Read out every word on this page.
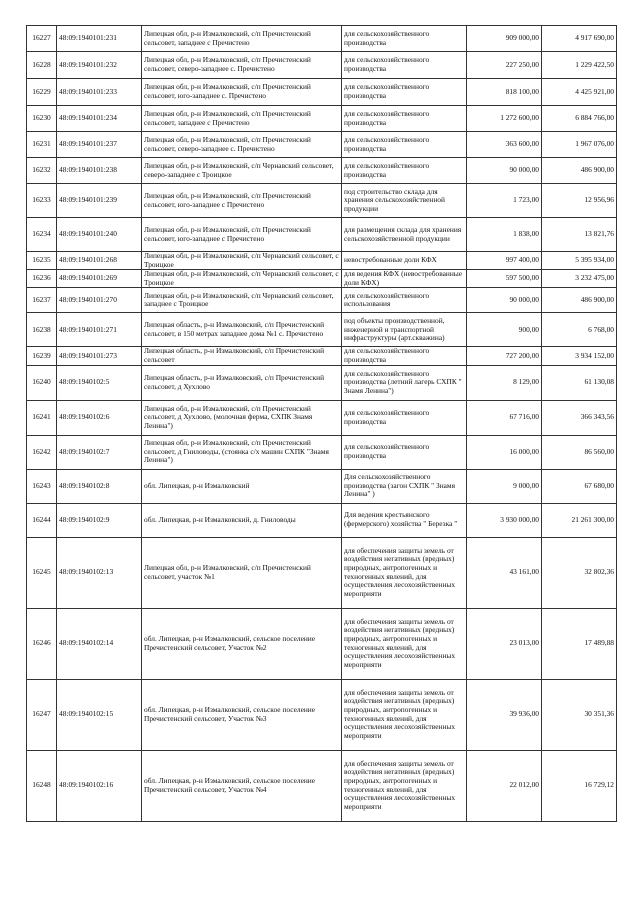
16227	48:09:1940101:231	Липецкая обл, р-н Измалковский, с/п Пречистенский сельсовет, западнее с Пречистено	для сельскохозяйственного производства	909 000,00	4 917 690,00
16228	48:09:1940101:232	Липецкая обл, р-н Измалковский, с/п Пречистенский сельсовет, северо-западнее с. Пречистено	для сельскохозяйственного производства	227 250,00	1 229 422,50
16229	48:09:1940101:233	Липецкая обл, р-н Измалковский, с/п Пречистенский сельсовет, юго-западнее с. Пречистено	для сельскохозяйственного производства	818 100,00	4 425 921,00
16230	48:09:1940101:234	Липецкая обл, р-н Измалковский, с/п Пречистенский сельсовет, западнее с Пречистено	для сельскохозяйственного производства	1 272 600,00	6 884 766,00
16231	48:09:1940101:237	Липецкая обл, р-н Измалковский, с/п Пречистенский сельсовет, северо-западнее с. Пречистено	для сельскохозяйственного производства	363 600,00	1 967 076,00
16232	48:09:1940101:238	Липецкая обл, р-н Измалковский, с/п Чернавский сельсовет, северо-западнее с Троицкое	для сельскохозяйственного производства	90 000,00	486 900,00
16233	48:09:1940101:239	Липецкая обл, р-н Измалковский, с/п Пречистенский сельсовет, юго-западнее с Пречистено	под строительство склада для хранения сельскохозяйственной продукции	1 723,00	12 956,96
16234	48:09:1940101:240	Липецкая обл, р-н Измалковский, с/п Пречистенский сельсовет, юго-западнее с Пречистено	для размещения склада для хранения сельскохозяйственной продукции	1 838,00	13 821,76
16235	48:09:1940101:268	Липецкая обл, р-н Измалковский, с/п Чернавский сельсовет, с Троицкое	невостребованные доли КФХ	997 400,00	5 395 934,00
16236	48:09:1940101:269	Липецкая обл, р-н Измалковский, с/п Чернавский сельсовет, с Троицкое	для ведения КФХ (невостребованные доли КФХ)	597 500,00	3 232 475,00
16237	48:09:1940101:270	Липецкая обл, р-н Измалковский, с/п Чернавский сельсовет, западнее с Троицкое	для сельскохозяйственного использования	90 000,00	486 900,00
16238	48:09:1940101:271	Липецкая область, р-н Измалковский, с/п Пречистенский сельсовет, в 150 метрах западнее дома №1 с. Пречистено	под объекты производственной, инженерной и транспортной инфраструктуры (арт.скважина)	900,00	6 768,00
16239	48:09:1940101:273	Липецкая область, р-н Измалковский, с/п Пречистенский сельсовет	для сельскохозяйственного производства	727 200,00	3 934 152,00
16240	48:09:1940102:5	Липецкая область, р-н Измалковский, с/п Пречистенский сельсовет, д Хухлово	для сельскохозяйственного производства (летний лагерь СХПК " Знамя Ленина")	8 129,00	61 130,08
16241	48:09:1940102:6	Липецкая обл, р-н Измалковский, с/п Пречистенский сельсовет, д Хухлово, (молочная ферма, СХПК Знамя Ленина")	для сельскохозяйственного производства	67 716,00	366 343,56
16242	48:09:1940102:7	Липецкая обл, р-н Измалковский, с/п Пречистенский сельсовет, д Гниловоды, (стоянка с/х машин СХПК "Знамя Ленина")	для сельскохозяйственного производства	16 000,00	86 560,00
16243	48:09:1940102:8	обл. Липецкая, р-н Измалковский	Для сельскохозяйственного производства (загон СХПК " Знамя Ленина" )	9 000,00	67 680,00
16244	48:09:1940102:9	обл. Липецкая, р-н Измалковский, д. Гниловоды	Для ведения крестьянского (фермерского) хозяйства " Березка "	3 930 000,00	21 261 300,00
16245	48:09:1940102:13	Липецкая обл, р-н Измалковский, с/п Пречистенский сельсовет, участок №1	для обеспечения защиты земель от воздействия негативных (вредных) природных, антропогенных и техногенных явлений, для осуществления лесохозяйственных мероприяти	43 161,00	32 802,36
16246	48:09:1940102:14	обл. Липецкая, р-н Измалковский, сельское поселение Пречистенский сельсовет, Участок №2	для обеспечения защиты земель от воздействия негативных (вредных) природных, антропогенных и техногенных явлений, для осуществления лесохозяйственных мероприяти	23 013,00	17 489,88
16247	48:09:1940102:15	обл. Липецкая, р-н Измалковский, сельское поселение Пречистенский сельсовет, Участок №3	для обеспечения защиты земель от воздействия негативных (вредных) природных, антропогенных и техногенных явлений, для осуществления лесохозяйственных мероприяти	39 936,00	30 351,36
16248	48:09:1940102:16	обл. Липецкая, р-н Измалковский, сельское поселение Пречистенский сельсовет, Участок №4	для обеспечения защиты земель от воздействия негативных (вредных) природных, антропогенных и техногенных явлений, для осуществления лесохозяйственных мероприяти	22 012,00	16 729,12
